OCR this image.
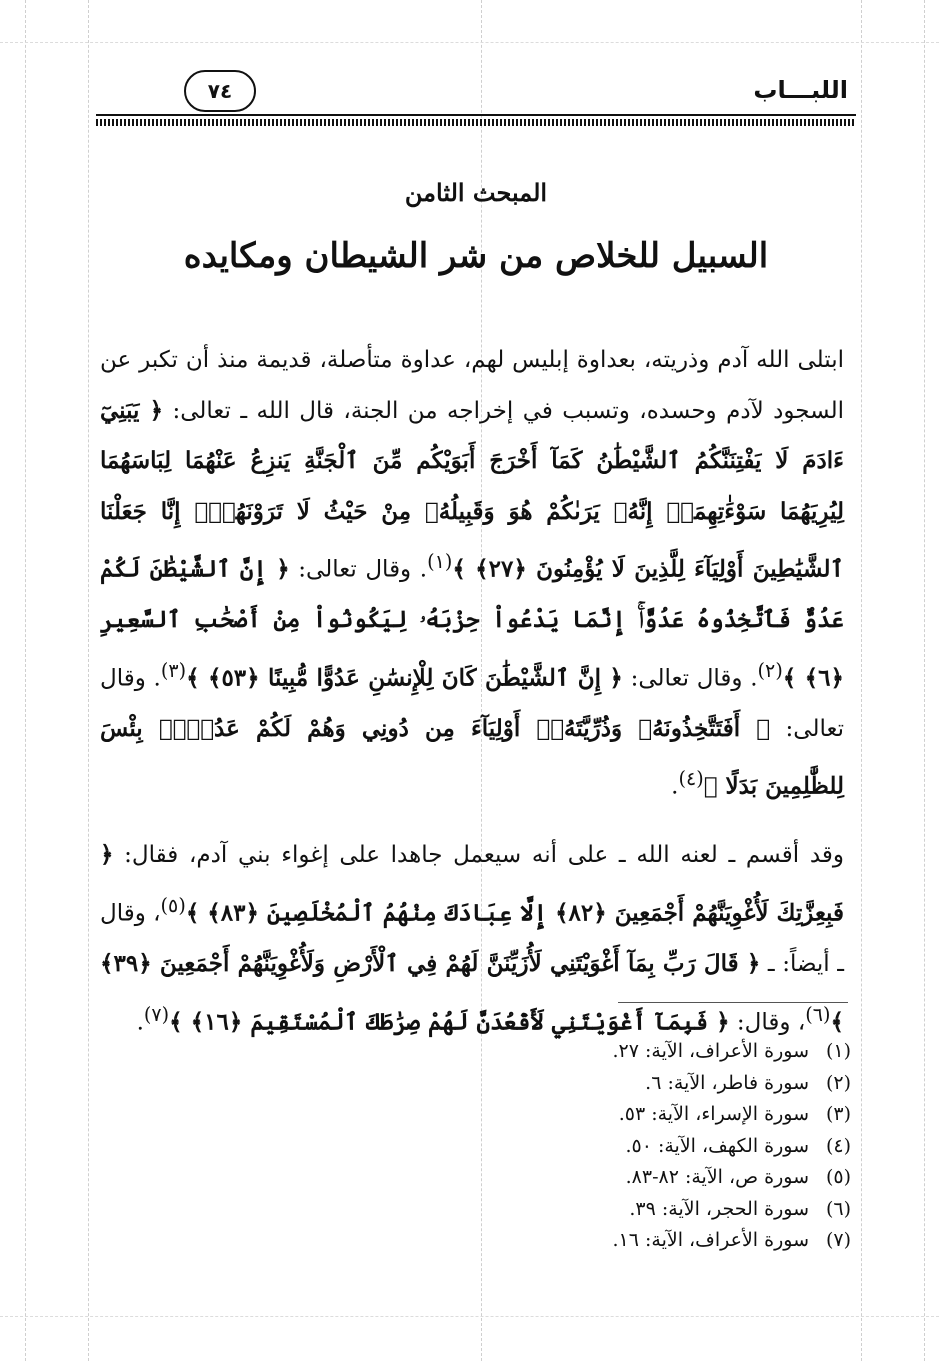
اللبـــاب
٧٤
المبحث الثامن
السبيل للخلاص من شر الشيطان ومكايده

ابتلى الله آدم وذريته، بعداوة إبليس لهم، عداوة متأصلة، قديمة منذ أن تكبر عن السجود لآدم وحسده، وتسبب في إخراجه من الجنة، قال الله ـ تعالى: ﴿ يَبَنِيٓ ءَادَمَ لَا يَفْتِنَنَّكُمُ ٱلشَّيْطَٰنُ كَمَآ أَخْرَجَ أَبَوَيْكُم مِّنَ ٱلْجَنَّةِ يَنزِعُ عَنْهُمَا لِبَاسَهُمَا لِيُرِيَهُمَا سَوْءَٰتِهِمَآۚ إِنَّهُۥ يَرَىٰكُمْ هُوَ وَقَبِيلُهُۥ مِنْ حَيْثُ لَا تَرَوْنَهُمْۗ إِنَّا جَعَلْنَا ٱلشَّيَٰطِينَ أَوْلِيَآءَ لِلَّذِينَ لَا يُؤْمِنُونَ ﴿٢٧﴾ ﴾$^{(١)}$. وقال تعالى: ﴿ إِنَّ ٱلشَّيْطَٰنَ لَكُمْ عَدُوٌّ فَٱتَّخِذُوهُ عَدُوًّاۚ إِنَّمَا يَدْعُواْ حِزْبَهُۥ لِيَكُونُواْ مِنْ أَصْحَٰبِ ٱلسَّعِيرِ ﴿٦﴾ ﴾$^{(٢)}$. وقال تعالى: ﴿ إِنَّ ٱلشَّيْطَٰنَ كَانَ لِلْإِنسَٰنِ عَدُوًّا مُّبِينًا ﴿٥٣﴾ ﴾$^{(٣)}$. وقال تعالى: ﴿ أَفَتَتَّخِذُونَهُۥ وَذُرِّيَّتَهُۥٓ أَوْلِيَآءَ مِن دُونِي وَهُمْ لَكُمْ عَدُوٌّۚ بِئْسَ لِلظَّٰلِمِينَ بَدَلًا ﴾$^{(٤)}$.

وقد أقسم ـ لعنه الله ـ على أنه سيعمل جاهدا على إغواء بني آدم، فقال: ﴿ فَبِعِزَّتِكَ لَأُغْوِيَنَّهُمْ أَجْمَعِينَ ﴿٨٢﴾ إِلَّا عِبَادَكَ مِنْهُمُ ٱلْمُخْلَصِينَ ﴿٨٣﴾ ﴾$^{(٥)}$، وقال ـ أيضاً: ـ ﴿ قَالَ رَبِّ بِمَآ أَغْوَيْتَنِي لَأُزَيِّنَنَّ لَهُمْ فِي ٱلْأَرْضِ وَلَأُغْوِيَنَّهُمْ أَجْمَعِينَ ﴿٣٩﴾ ﴾$^{(٦)}$، وقال: ﴿ فَبِمَآ أَغْوَيْتَنِي لَأَقْعُدَنَّ لَهُمْ صِرَٰطَكَ ٱلْمُسْتَقِيمَ ﴿١٦﴾ ﴾$^{(٧)}$.

(١)سورة الأعراف، الآية: ٢٧.
(٢)سورة فاطر، الآية: ٦.
(٣)سورة الإسراء، الآية: ٥٣.
(٤)سورة الكهف، الآية: ٥٠.
(٥)سورة ص، الآية: ٨٢-٨٣.
(٦)سورة الحجر، الآية: ٣٩.
(٧)سورة الأعراف، الآية: ١٦.
